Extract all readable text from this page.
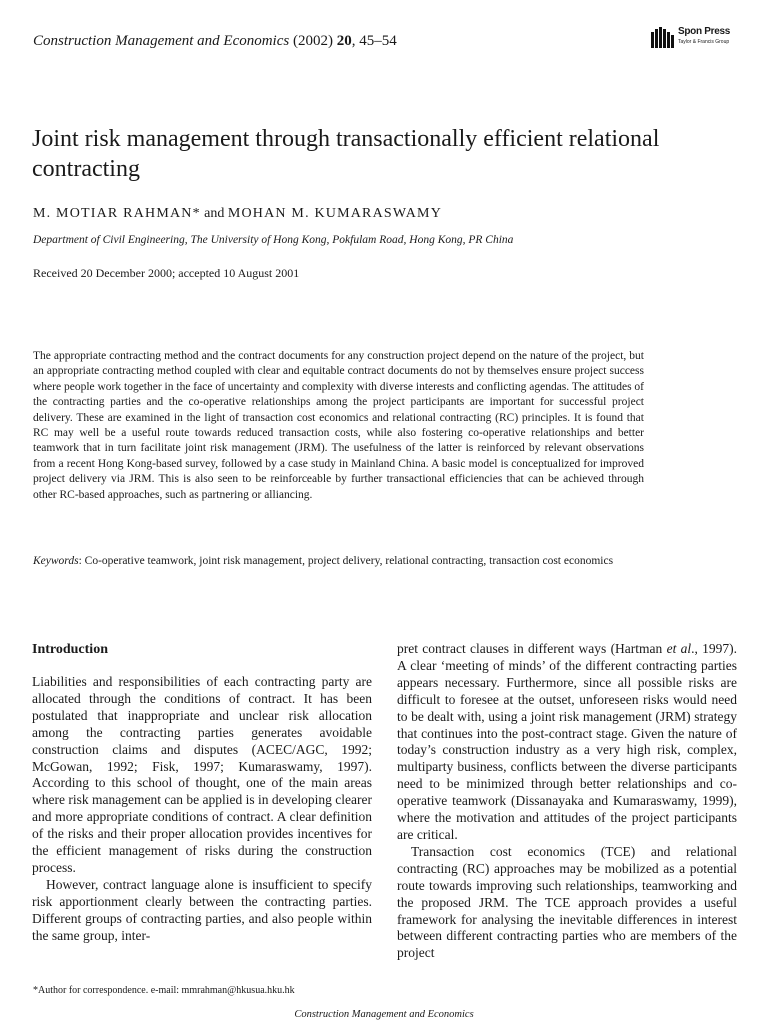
Construction Management and Economics (2002) 20, 45–54
Spon Press
Taylor & Francis Group
Joint risk management through transactionally efficient relational contracting
M. MOTIAR RAHMAN* and MOHAN M. KUMARASWAMY
Department of Civil Engineering, The University of Hong Kong, Pokfulam Road, Hong Kong, PR China
Received 20 December 2000; accepted 10 August 2001

The appropriate contracting method and the contract documents for any construction project depend on the nature of the project, but an appropriate contracting method coupled with clear and equitable contract documents do not by themselves ensure project success where people work together in the face of uncertainty and complexity with diverse interests and conflicting agendas. The attitudes of the contracting parties and the co-operative relationships among the project participants are important for successful project delivery. These are examined in the light of transaction cost economics and relational contracting (RC) principles. It is found that RC may well be a useful route towards reduced transaction costs, while also fostering co-operative relationships and better teamwork that in turn facilitate joint risk management (JRM). The usefulness of the latter is reinforced by relevant observations from a recent Hong Kong-based survey, followed by a case study in Mainland China. A basic model is conceptualized for improved project delivery via JRM. This is also seen to be reinforceable by further transactional efficiencies that can be achieved through other RC-based approaches, such as partnering or alliancing.

Keywords: Co-operative teamwork, joint risk management, project delivery, relational contracting, transaction cost economics

Introduction

Liabilities and responsibilities of each contracting party are allocated through the conditions of contract. It has been postulated that inappropriate and unclear risk allocation among the contracting parties generates avoidable construction claims and disputes (ACEC/AGC, 1992; McGowan, 1992; Fisk, 1997; Kumaraswamy, 1997). According to this school of thought, one of the main areas where risk management can be applied is in developing clearer and more appropriate conditions of contract. A clear definition of the risks and their proper allocation provides incentives for the efficient management of risks during the construction process.

However, contract language alone is insufficient to specify risk apportionment clearly between the contracting parties. Different groups of contracting parties, and also people within the same group, inter-

pret contract clauses in different ways (Hartman et al., 1997). A clear ‘meeting of minds’ of the different contracting parties appears necessary. Furthermore, since all possible risks are difficult to foresee at the outset, unforeseen risks would need to be dealt with, using a joint risk management (JRM) strategy that continues into the post-contract stage. Given the nature of today’s construction industry as a very high risk, complex, multiparty business, conflicts between the diverse participants need to be minimized through better relationships and co-operative teamwork (Dissanayaka and Kumaraswamy, 1999), where the motivation and attitudes of the project participants are critical.

Transaction cost economics (TCE) and relational contracting (RC) approaches may be mobilized as a potential route towards improving such relationships, teamworking and the proposed JRM. The TCE approach provides a useful framework for analysing the inevitable differences in interest between different contracting parties who are members of the project

*Author for correspondence. e-mail: mmrahman@hkusua.hku.hk
Construction Management and Economics
